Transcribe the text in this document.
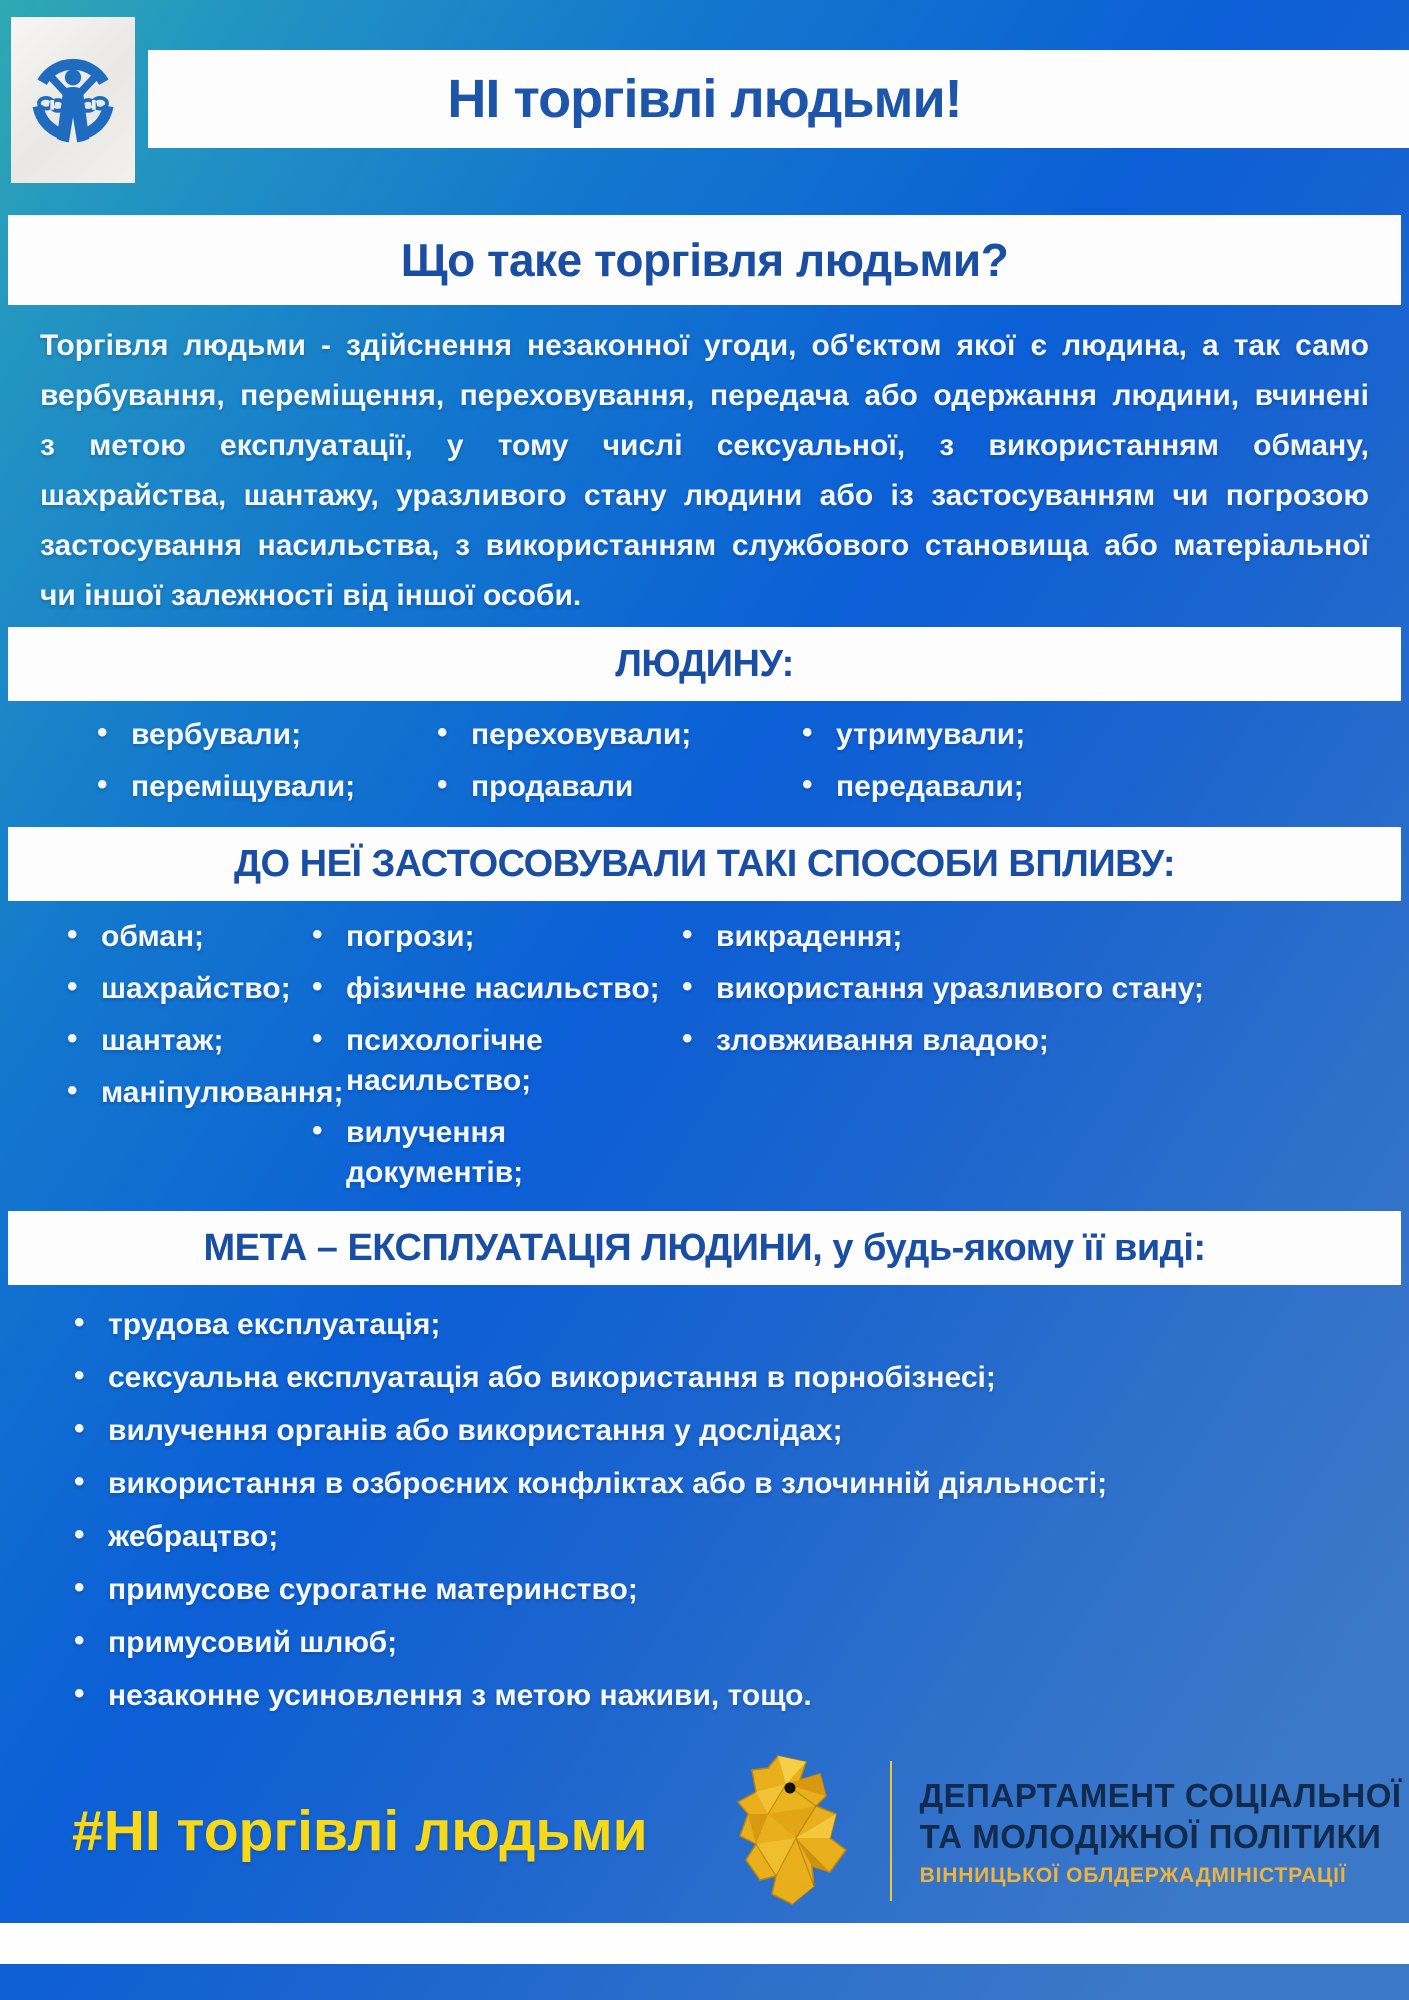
НІ торгівлі людьми!
Що таке торгівля людьми?
Торгівля людьми - здійснення незаконної угоди, об'єктом якої є людина, а так само
вербування, переміщення, переховування, передача або одержання людини, вчинені
з метою експлуатації, у тому числі сексуальної, з використанням обману,
шахрайства, шантажу, уразливого стану людини або із застосуванням чи погрозою
застосування насильства, з використанням службового становища або матеріальної
чи іншої залежності від іншої особи.
ЛЮДИНУ:
• вербували;
• переміщували;
• переховували;
• продавали
• утримували;
• передавали;
ДО НЕЇ ЗАСТОСОВУВАЛИ ТАКІ СПОСОБИ ВПЛИВУ:
• обман;
• шахрайство;
• шантаж;
• маніпулювання;
• погрози;
• фізичне насильство;
• психологічне насильство;
• вилучення документів;
• викрадення;
• використання уразливого стану;
• зловживання владою;
МЕТА – ЕКСПЛУАТАЦІЯ ЛЮДИНИ, у будь-якому її виді:
• трудова експлуатація;
• сексуальна експлуатація або використання в порнобізнесі;
• вилучення органів або використання у дослідах;
• використання в озброєних конфліктах або в злочинній діяльності;
• жебрацтво;
• примусове сурогатне материнство;
• примусовий шлюб;
• незаконне усиновлення з метою наживи, тощо.
#НІ торгівлі людьми
ДЕПАРТАМЕНТ СОЦІАЛЬНОЇ
ТА МОЛОДІЖНОЇ ПОЛІТИКИ
ВІННИЦЬКОЇ ОБЛДЕРЖАДМІНІСТРАЦІЇ
